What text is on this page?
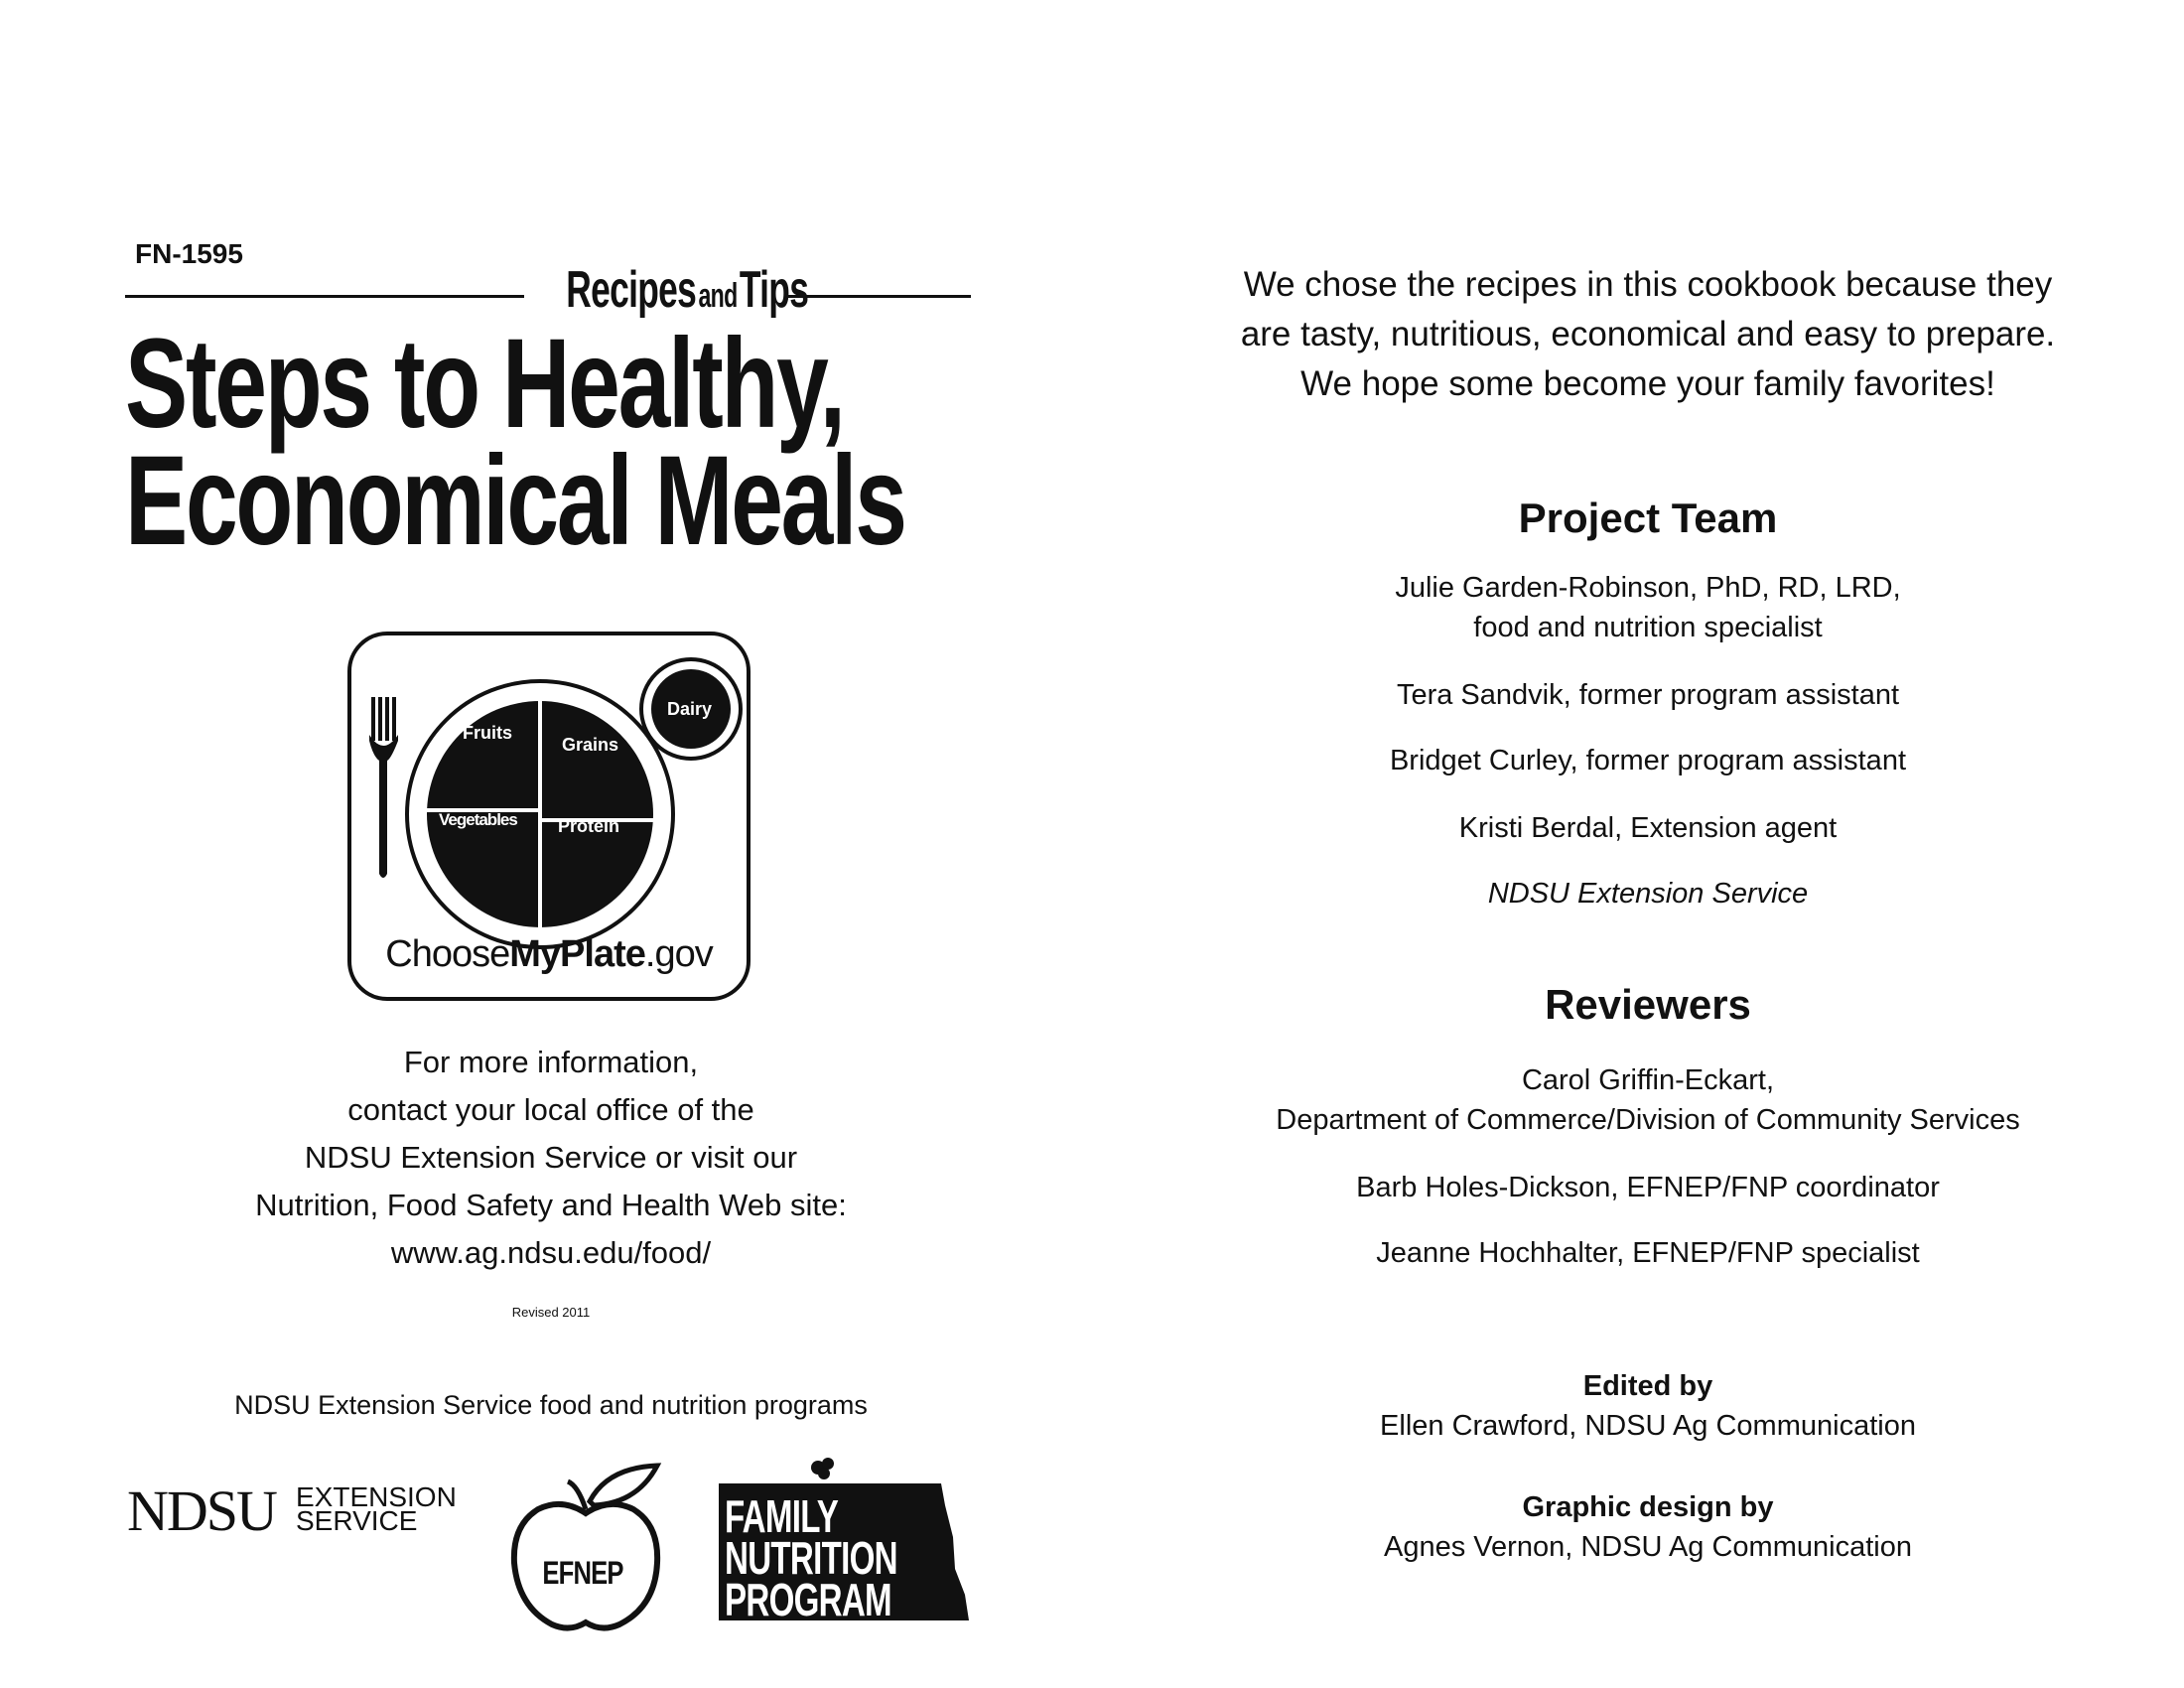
FN-1595
Recipes and Tips
Steps to Healthy,
Economical Meals
Fruits
Grains
Vegetables Protein
Dairy
ChooseMyPlate.gov
For more information,
contact your local office of the
NDSU Extension Service or visit our
Nutrition, Food Safety and Health Web site:
www.ag.ndsu.edu/food/
Revised 2011
NDSU Extension Service food and nutrition programs
NDSU EXTENSION
SERVICE
EFNEP
FAMILY
NUTRITION
PROGRAM
We chose the recipes in this cookbook because they
are tasty, nutritious, economical and easy to prepare.
We hope some become your family favorites!
Project Team
Julie Garden-Robinson, PhD, RD, LRD,
food and nutrition specialist
Tera Sandvik, former program assistant
Bridget Curley, former program assistant
Kristi Berdal, Extension agent
NDSU Extension Service
Reviewers
Carol Griffin-Eckart,
Department of Commerce/Division of Community Services
Barb Holes-Dickson, EFNEP/FNP coordinator
Jeanne Hochhalter, EFNEP/FNP specialist
Edited by
Ellen Crawford, NDSU Ag Communication
Graphic design by
Agnes Vernon, NDSU Ag Communication
